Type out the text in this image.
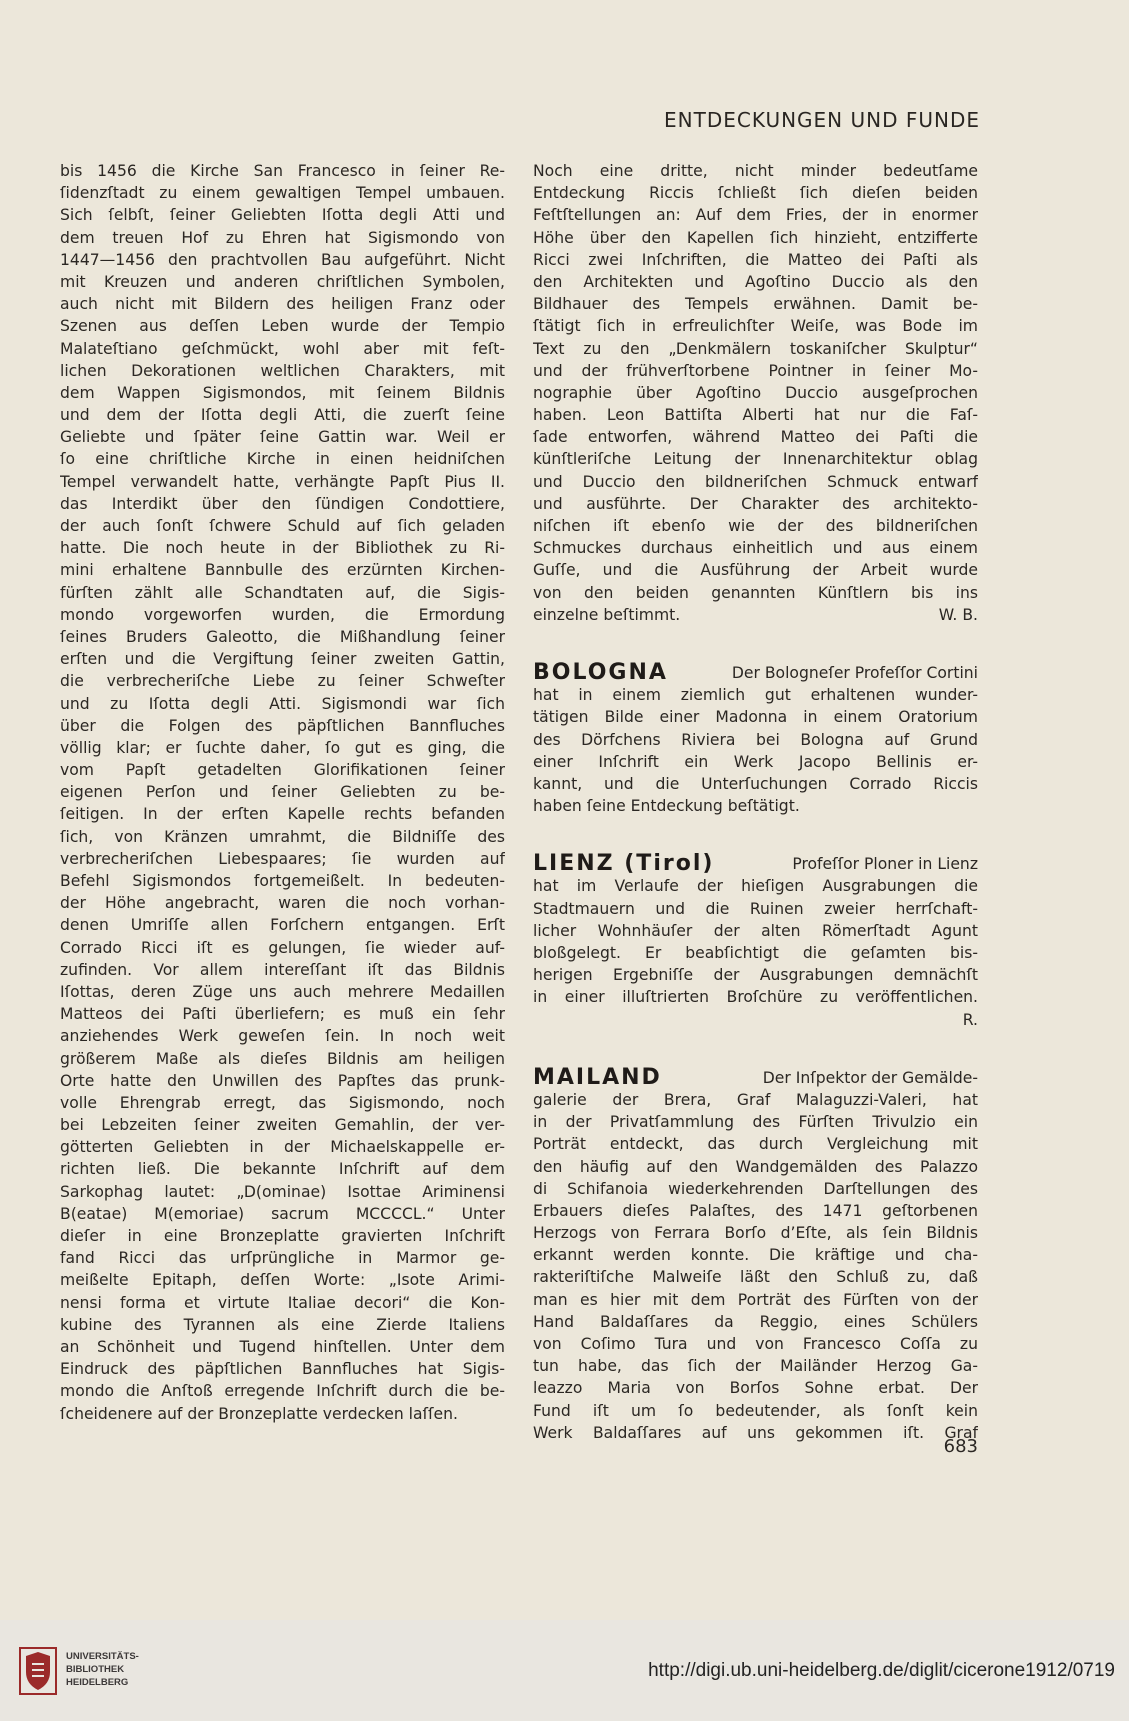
ENTDECKUNGEN UND FUNDE
bis 1456 die Kirche San Francesco in ſeiner Re-
ſidenzſtadt zu einem gewaltigen Tempel umbauen.
Sich ſelbſt, ſeiner Geliebten Iſotta degli Atti und
dem treuen Hof zu Ehren hat Sigismondo von
1447—1456 den prachtvollen Bau aufgeführt. Nicht
mit Kreuzen und anderen chriſtlichen Symbolen,
auch nicht mit Bildern des heiligen Franz oder
Szenen aus deſſen Leben wurde der Tempio
Malateſtiano geſchmückt, wohl aber mit feſt-
lichen Dekorationen weltlichen Charakters, mit
dem Wappen Sigismondos, mit ſeinem Bildnis
und dem der Iſotta degli Atti, die zuerſt ſeine
Geliebte und ſpäter ſeine Gattin war. Weil er
ſo eine chriſtliche Kirche in einen heidniſchen
Tempel verwandelt hatte, verhängte Papſt Pius II.
das Interdikt über den ſündigen Condottiere,
der auch ſonſt ſchwere Schuld auf ſich geladen
hatte. Die noch heute in der Bibliothek zu Ri-
mini erhaltene Bannbulle des erzürnten Kirchen-
fürſten zählt alle Schandtaten auf, die Sigis-
mondo vorgeworfen wurden, die Ermordung
ſeines Bruders Galeotto, die Mißhandlung ſeiner
erſten und die Vergiftung ſeiner zweiten Gattin,
die verbrecheriſche Liebe zu ſeiner Schweſter
und zu Iſotta degli Atti. Sigismondi war ſich
über die Folgen des päpſtlichen Bannfluches
völlig klar; er ſuchte daher, ſo gut es ging, die
vom Papſt getadelten Glorifikationen ſeiner
eigenen Perſon und ſeiner Geliebten zu be-
ſeitigen. In der erſten Kapelle rechts befanden
ſich, von Kränzen umrahmt, die Bildniſſe des
verbrecheriſchen Liebespaares; ſie wurden auf
Befehl Sigismondos fortgemeißelt. In bedeuten-
der Höhe angebracht, waren die noch vorhan-
denen Umriſſe allen Forſchern entgangen. Erſt
Corrado Ricci iſt es gelungen, ſie wieder auf-
zufinden. Vor allem intereſſant iſt das Bildnis
Iſottas, deren Züge uns auch mehrere Medaillen
Matteos dei Paſti überliefern; es muß ein ſehr
anziehendes Werk geweſen ſein. In noch weit
größerem Maße als dieſes Bildnis am heiligen
Orte hatte den Unwillen des Papſtes das prunk-
volle Ehrengrab erregt, das Sigismondo, noch
bei Lebzeiten ſeiner zweiten Gemahlin, der ver-
götterten Geliebten in der Michaelskappelle er-
richten ließ. Die bekannte Inſchrift auf dem
Sarkophag lautet: „D(ominae) Isottae Ariminensi
B(eatae) M(emoriae) sacrum MCCCCL.“ Unter
dieſer in eine Bronzeplatte gravierten Inſchrift
fand Ricci das urſprüngliche in Marmor ge-
meißelte Epitaph, deſſen Worte: „Isote Arimi-
nensi forma et virtute Italiae decori“ die Kon-
kubine des Tyrannen als eine Zierde Italiens
an Schönheit und Tugend hinſtellen. Unter dem
Eindruck des päpſtlichen Bannfluches hat Sigis-
mondo die Anſtoß erregende Inſchrift durch die be-
ſcheidenere auf der Bronzeplatte verdecken laſſen.
Noch eine dritte, nicht minder bedeutſame
Entdeckung Riccis ſchließt ſich dieſen beiden
Feſtſtellungen an: Auf dem Fries, der in enormer
Höhe über den Kapellen ſich hinzieht, entzifferte
Ricci zwei Inſchriften, die Matteo dei Paſti als
den Architekten und Agoſtino Duccio als den
Bildhauer des Tempels erwähnen. Damit be-
ſtätigt ſich in erfreulichſter Weiſe, was Bode im
Text zu den „Denkmälern toskaniſcher Skulptur“
und der frühverſtorbene Pointner in ſeiner Mo-
nographie über Agoſtino Duccio ausgeſprochen
haben. Leon Battiſta Alberti hat nur die Faſ-
ſade entworfen, während Matteo dei Paſti die
künſtleriſche Leitung der Innenarchitektur oblag
und Duccio den bildneriſchen Schmuck entwarf
und ausführte. Der Charakter des architekto-
niſchen iſt ebenſo wie der des bildneriſchen
Schmuckes durchaus einheitlich und aus einem
Guſſe, und die Ausführung der Arbeit wurde
von den beiden genannten Künſtlern bis ins
einzelne beſtimmt.	W. B.
BOLOGNA	Der Bologneſer Profeſſor Cortini
hat in einem ziemlich gut erhaltenen wunder-
tätigen Bilde einer Madonna in einem Oratorium
des Dörfchens Riviera bei Bologna auf Grund
einer Inſchrift ein Werk Jacopo Bellinis er-
kannt, und die Unterſuchungen Corrado Riccis
haben ſeine Entdeckung beſtätigt.
LIENZ (Tirol)	Profeſſor Ploner in Lienz
hat im Verlaufe der hieſigen Ausgrabungen die
Stadtmauern und die Ruinen zweier herrſchaft-
licher Wohnhäuſer der alten Römerſtadt Agunt
bloßgelegt. Er beabſichtigt die geſamten bis-
herigen Ergebniſſe der Ausgrabungen demnächſt
in einer illuſtrierten Broſchüre zu veröffentlichen.
R.
MAILAND	Der Inſpektor der Gemälde-
galerie der Brera, Graf Malaguzzi-Valeri, hat
in der Privatſammlung des Fürſten Trivulzio ein
Porträt entdeckt, das durch Vergleichung mit
den häufig auf den Wandgemälden des Palazzo
di Schifanoia wiederkehrenden Darſtellungen des
Erbauers dieſes Palaſtes, des 1471 geſtorbenen
Herzogs von Ferrara Borſo d’Eſte, als ſein Bildnis
erkannt werden konnte. Die kräftige und cha-
rakteriſtiſche Malweiſe läßt den Schluß zu, daß
man es hier mit dem Porträt des Fürſten von der
Hand Baldaſſares da Reggio, eines Schülers
von Coſimo Tura und von Francesco Coſſa zu
tun habe, das ſich der Mailänder Herzog Ga-
leazzo Maria von Borſos Sohne erbat. Der
Fund iſt um ſo bedeutender, als ſonſt kein
Werk Baldaſſares auf uns gekommen iſt. Graf
683
UNIVERSITÄTS-
BIBLIOTHEK
HEIDELBERG
http://digi.ub.uni-heidelberg.de/diglit/cicerone1912/0719
